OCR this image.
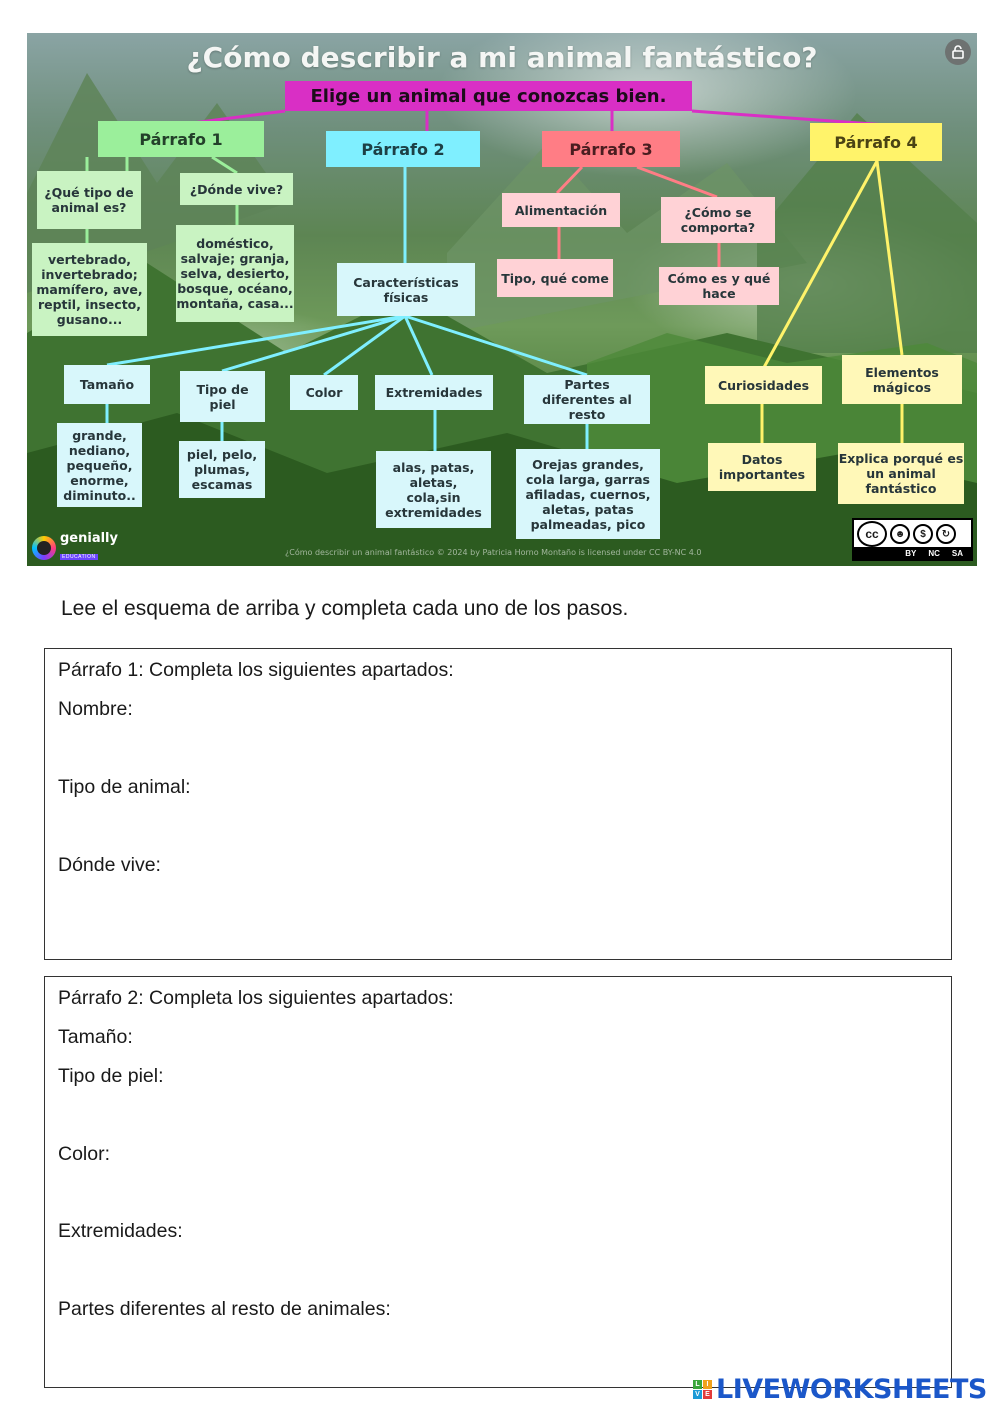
¿Cómo describir a mi animal fantástico?
Elige un animal que conozcas bien.
Párrafo 1
¿Qué tipo de
animal es?
¿Dónde vive?
vertebrado,
invertebrado;
mamífero, ave,
reptil, insecto,
gusano...
doméstico,
salvaje; granja,
selva, desierto,
bosque, océano,
montaña, casa...
Párrafo 2
Características
físicas
Tamaño	Tipo de
piel
Color	Extremidades
Partes
diferentes al
resto
grande,
nediano,
pequeño,
enorme,
diminuto..
piel, pelo,
plumas,
escamas
alas, patas,
aletas,
cola,sin
extremidades
Orejas grandes,
cola larga, garras
afiladas, cuernos,
aletas, patas
palmeadas, pico
Párrafo 3
Alimentación	¿Cómo se
comporta?
Tipo, qué come	Cómo es y qué
hace
Párrafo 4
Curiosidades
Elementos
mágicos
Datos
importantes
Explica porqué es
un animal
fantástico
genially
EDUCATION	¿Cómo describir un animal fantástico © 2024 by Patricia Horno Montaño is licensed under CC BY-NC 4.0
cc	☻	$	↻
BY NC SA
Lee el esquema de arriba y completa cada uno de los pasos.
Párrafo 1: Completa los siguientes apartados:
Nombre:
Tipo de animal:
Dónde vive:
Párrafo 2: Completa los siguientes apartados:
Tamaño:
Tipo de piel:
Color:
Extremidades:
Partes diferentes al resto de animales:
L I
V E LIVEWORKSHEETS
